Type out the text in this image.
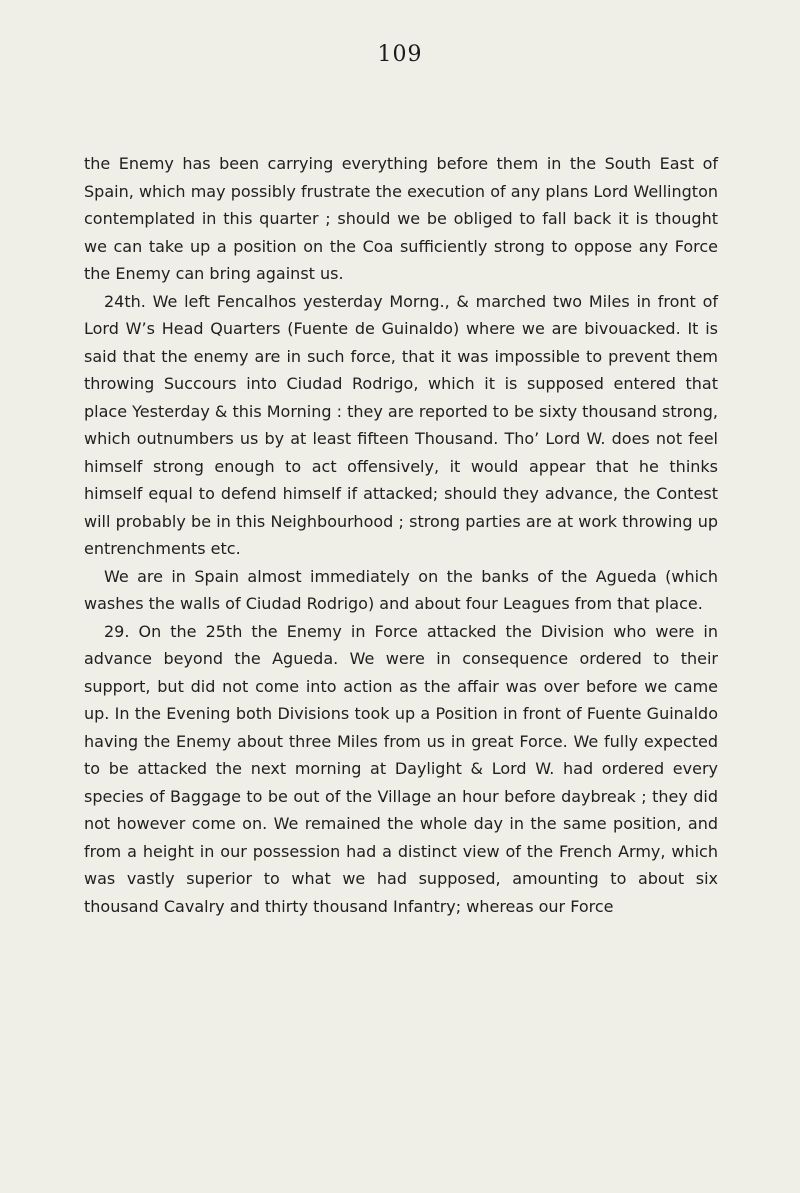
109

the Enemy has been carrying everything before them in the South East of Spain, which may possibly frustrate the execution of any plans Lord Wellington contemplated in this quarter ; should we be obliged to fall back it is thought we can take up a position on the Coa sufficiently strong to oppose any Force the Enemy can bring against us.

24th. We left Fencalhos yesterday Morng., & marched two Miles in front of Lord W’s Head Quarters (Fuente de Guinaldo) where we are bivouacked. It is said that the enemy are in such force, that it was impossible to prevent them throwing Succours into Ciudad Rodrigo, which it is supposed entered that place Yesterday & this Morning : they are reported to be sixty thousand strong, which outnumbers us by at least fifteen Thousand. Tho’ Lord W. does not feel himself strong enough to act offensively, it would appear that he thinks himself equal to defend himself if attacked; should they advance, the Contest will probably be in this Neighbourhood ; strong parties are at work throwing up entrenchments etc.

We are in Spain almost immediately on the banks of the Agueda (which washes the walls of Ciudad Rodrigo) and about four Leagues from that place.

29. On the 25th the Enemy in Force attacked the Division who were in advance beyond the Agueda. We were in consequence ordered to their support, but did not come into action as the affair was over before we came up. In the Evening both Divisions took up a Position in front of Fuente Guinaldo having the Enemy about three Miles from us in great Force. We fully expected to be attacked the next morning at Daylight & Lord W. had ordered every species of Baggage to be out of the Village an hour before daybreak ; they did not however come on. We remained the whole day in the same position, and from a height in our possession had a distinct view of the French Army, which was vastly superior to what we had supposed, amounting to about six thousand Cavalry and thirty thousand Infantry; whereas our Force
